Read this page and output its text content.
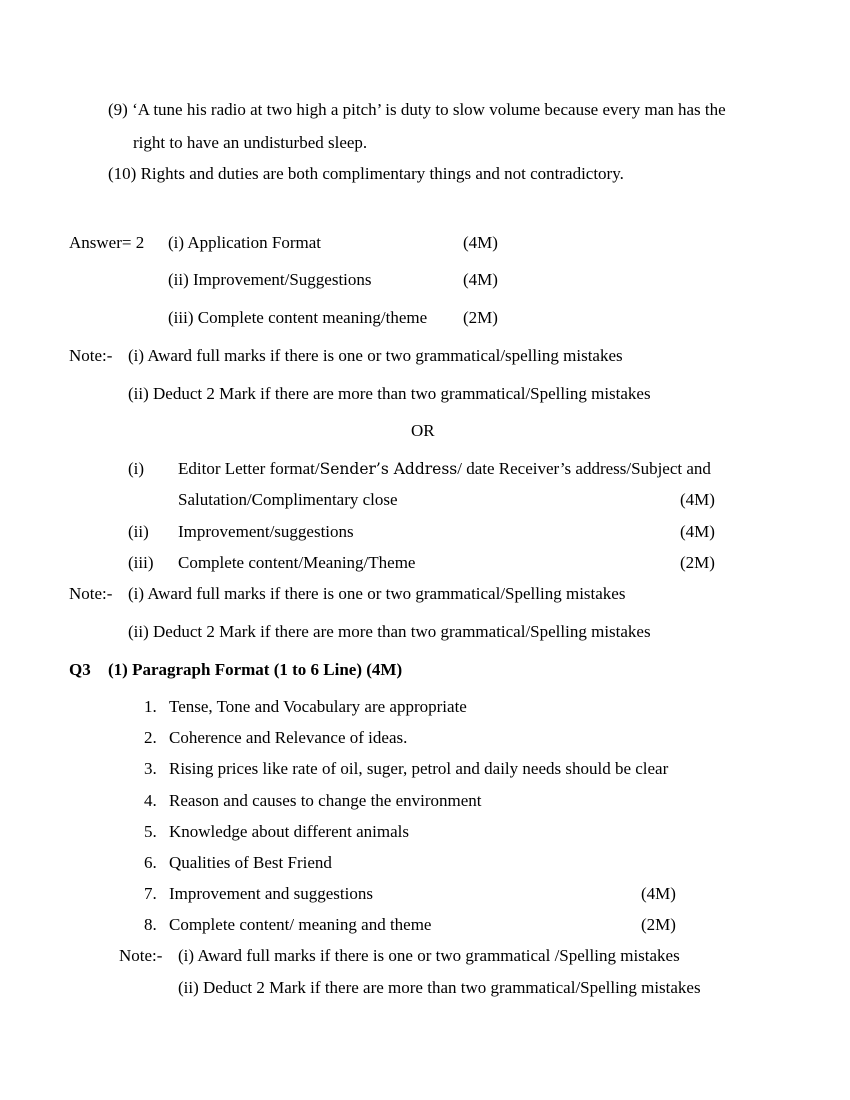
(9) ‘A tune his radio at two high a pitch’ is duty to slow volume because every man has the
right to have an undisturbed sleep.
(10) Rights and duties are both complimentary things and not contradictory.
Answer= 2 (i) Application Format	(4M)
(ii) Improvement/Suggestions	(4M)
(iii) Complete content meaning/theme (2M)
Note:- (i) Award full marks if there is one or two grammatical/spelling mistakes
(ii) Deduct 2 Mark if there are more than two grammatical/Spelling mistakes
OR
(i) Editor Letter format/Sender’s Address/ date Receiver’s address/Subject and
Salutation/Complimentary close	(4M)
(ii) Improvement/suggestions	(4M)
(iii) Complete content/Meaning/Theme	(2M)
Note:- (i) Award full marks if there is one or two grammatical/Spelling mistakes
(ii) Deduct 2 Mark if there are more than two grammatical/Spelling mistakes
Q3 (1) Paragraph Format (1 to 6 Line) (4M)
1. Tense, Tone and Vocabulary are appropriate
2. Coherence and Relevance of ideas.
3. Rising prices like rate of oil, suger, petrol and daily needs should be clear
4. Reason and causes to change the environment
5. Knowledge about different animals
6. Qualities of Best Friend
7. Improvement and suggestions	(4M)
8. Complete content/ meaning and theme	(2M)
Note:- (i) Award full marks if there is one or two grammatical /Spelling mistakes
(ii) Deduct 2 Mark if there are more than two grammatical/Spelling mistakes
